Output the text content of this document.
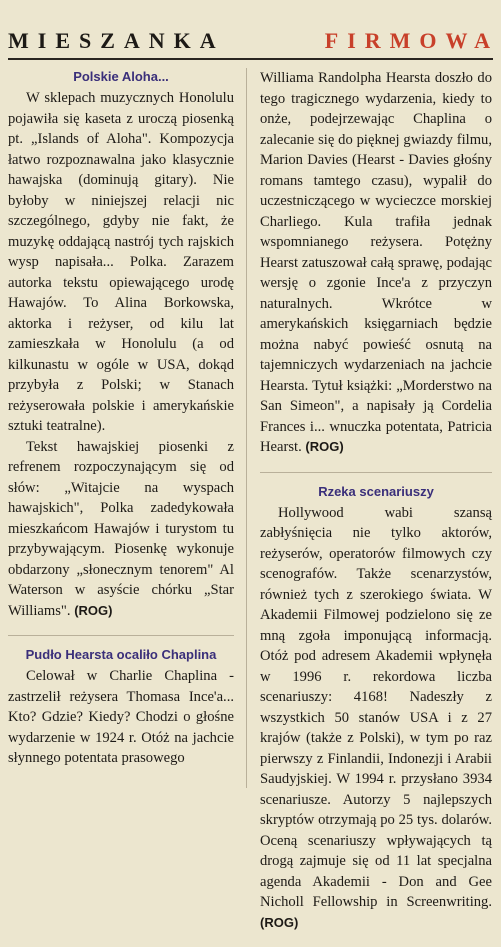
MIESZANKA	FIRMOWA
Polskie Aloha...

W sklepach muzycznych Honolulu pojawiła się kaseta z uroczą piosenką pt. „Islands of Aloha". Kompozycja łatwo rozpoznawalna jako klasycznie hawajska (dominują gitary). Nie byłoby w niniejszej relacji nic szczególnego, gdyby nie fakt, że muzykę oddającą nastrój tych rajskich wysp napisała... Polka. Zarazem autorka tekstu opiewającego urodę Hawajów. To Alina Borkowska, aktorka i reżyser, od kilu lat zamieszkała w Honolulu (a od kilkunastu w ogóle w USA, dokąd przybyła z Polski; w Stanach reżyserowała polskie i amerykańskie sztuki teatralne).

Tekst hawajskiej piosenki z refrenem rozpoczynającym się od słów: „Witajcie na wyspach hawajskich", Polka zadedykowała mieszkańcom Hawajów i turystom tu przybywającym. Piosenkę wykonuje obdarzony „słonecznym tenorem" Al Waterson w asyście chórku „Star Williams". (ROG)

Pudło Hearsta ocaliło Chaplina

Celował w Charlie Chaplina - zastrzelił reżysera Thomasa Ince'a... Kto? Gdzie? Kiedy? Chodzi o głośne wydarzenie w 1924 r. Otóż na jachcie słynnego potentata prasowego

Williama Randolpha Hearsta doszło do tego tragicznego wydarzenia, kiedy to onże, podejrzewając Chaplina o zalecanie się do pięknej gwiazdy filmu, Marion Davies (Hearst - Davies głośny romans tamtego czasu), wypalił do uczestniczącego w wycieczce morskiej Charliego. Kula trafiła jednak wspomnianego reżysera. Potężny Hearst zatuszował całą sprawę, podając wersję o zgonie Ince'a z przyczyn naturalnych. Wkrótce w amerykańskich księgarniach będzie można nabyć powieść osnutą na tajemniczych wydarzeniach na jachcie Hearsta. Tytuł książki: „Morderstwo na San Simeon", a napisały ją Cordelia Frances i... wnuczka potentata, Patricia Hearst. (ROG)

Rzeka scenariuszy

Hollywood wabi szansą zabłyśnięcia nie tylko aktorów, reżyserów, operatorów filmowych czy scenografów. Także scenarzystów, również tych z szerokiego świata. W Akademii Filmowej podzielono się ze mną zgoła imponującą informacją. Otóż pod adresem Akademii wpłynęła w 1996 r. rekordowa liczba scenariuszy: 4168! Nadeszły z wszystkich 50 stanów USA i z 27 krajów (także z Polski), w tym po raz pierwszy z Finlandii, Indonezji i Arabii Saudyjskiej. W 1994 r. przysłano 3934 scenariusze. Autorzy 5 najlepszych skryptów otrzymają po 25 tys. dolarów. Oceną scenariuszy wpływających tą drogą zajmuje się od 11 lat specjalna agenda Akademii - Don and Gee Nicholl Fellowship in Screenwriting. (ROG)
